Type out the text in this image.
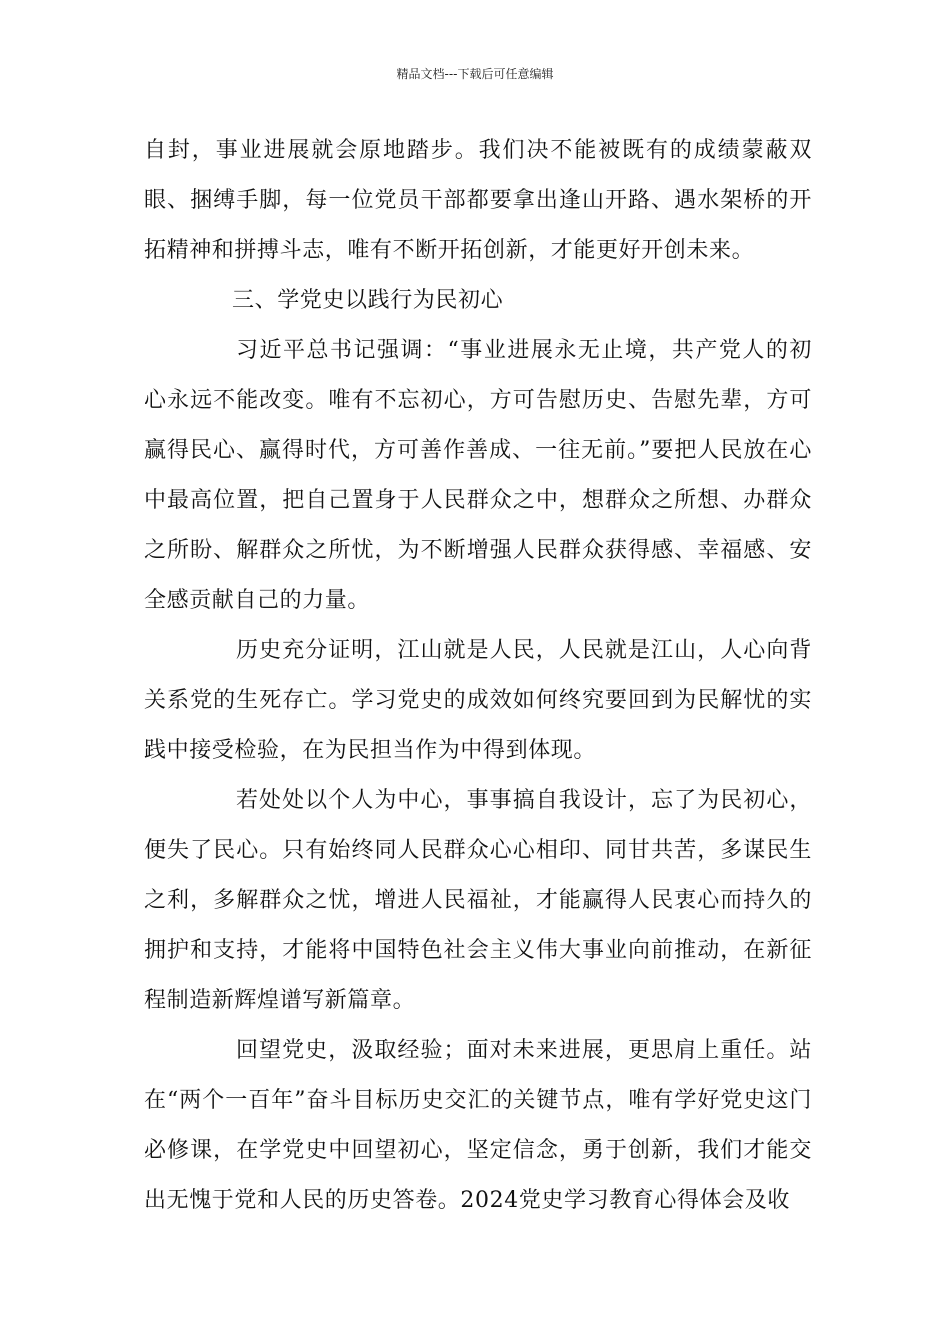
精品文档---下载后可任意编辑

自封，事业进展就会原地踏步。我们决不能被既有的成绩蒙蔽双眼、捆缚手脚，每一位党员干部都要拿出逢山开路、遇水架桥的开拓精神和拼搏斗志，唯有不断开拓创新，才能更好开创未来。

三、学党史以践行为民初心

习近平总书记强调：“事业进展永无止境，共产党人的初心永远不能改变。唯有不忘初心，方可告慰历史、告慰先辈，方可赢得民心、赢得时代，方可善作善成、一往无前。”要把人民放在心中最高位置，把自己置身于人民群众之中，想群众之所想、办群众之所盼、解群众之所忧，为不断增强人民群众获得感、幸福感、安全感贡献自己的力量。

历史充分证明，江山就是人民，人民就是江山，人心向背关系党的生死存亡。学习党史的成效如何终究要回到为民解忧的实践中接受检验，在为民担当作为中得到体现。

若处处以个人为中心，事事搞自我设计，忘了为民初心，便失了民心。只有始终同人民群众心心相印、同甘共苦，多谋民生之利，多解群众之忧，增进人民福祉，才能赢得人民衷心而持久的拥护和支持，才能将中国特色社会主义伟大事业向前推动，在新征程制造新辉煌谱写新篇章。

回望党史，汲取经验；面对未来进展，更思肩上重任。站在“两个一百年”奋斗目标历史交汇的关键节点，唯有学好党史这门必修课，在学党史中回望初心，坚定信念，勇于创新，我们才能交出无愧于党和人民的历史答卷。2024党史学习教育心得体会及收
